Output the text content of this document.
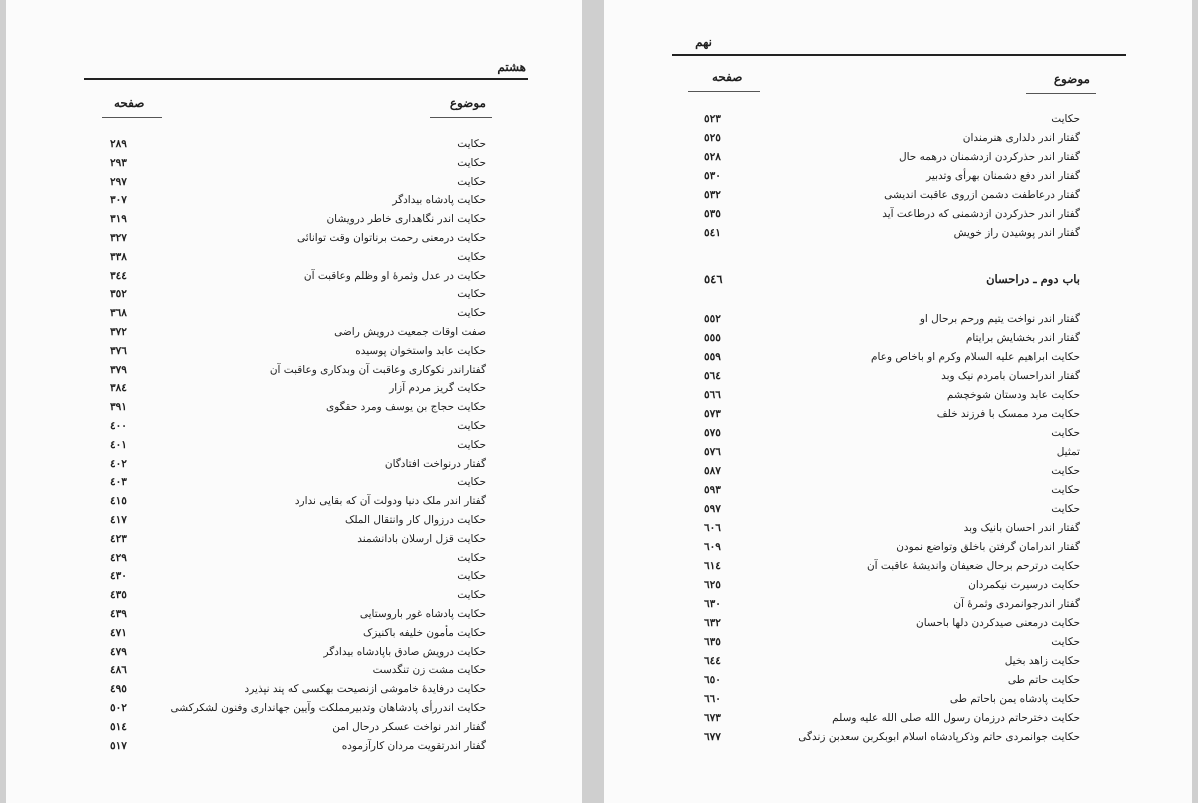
هشتم
موضوع
صفحه
حکایت
٢٨٩
حکایت
٢٩٣
حکایت
٢٩٧
حکایت پادشاه بیدادگر
٣٠٧
حکایت اندر نگاهداری خاطر درویشان
٣١٩
حکایت درمعنی رحمت برناتوان وقت توانائی
٣٢٧
حکایت
٣٣٨
حکایت در عدل وثمرهٔ او وظلم وعاقبت آن
٣٤٤
حکایت
٣٥٢
حکایت
٣٦٨
صفت اوقات جمعیت درویش راضی
٣٧٢
حکایت عابد واستخوان پوسیده
٣٧٦
گفتاراندر نکوکاری وعاقبت آن وبدکاری وعاقبت آن
٣٧٩
حکایت گریز مردم آزار
٣٨٤
حکایت حجاج بن یوسف ومرد حقگوی
٣٩١
حکایت
٤٠٠
حکایت
٤٠١
گفتار درنواخت افتادگان
٤٠٢
حکایت
٤٠٣
گفتار اندر ملک دنیا ودولت آن که بقایی ندارد
٤١٥
حکایت درزوال کار وانتقال الملک
٤١٧
حکایت قزل ارسلان بادانشمند
٤٢٣
حکایت
٤٢٩
حکایت
٤٣٠
حکایت
٤٣٥
حکایت پادشاه غور باروستایی
٤٣٩
حکایت مأمون خلیفه باکنیزک
٤٧١
حکایت درویش صادق باپادشاه بیدادگر
٤٧٩
حکایت مشت زن تنگدست
٤٨٦
حکایت درفایدهٔ خاموشی ازنصیحت بهکسی که پند نپذیرد
٤٩٥
حکایت اندررأی پادشاهان وتدبیرمملکت وآیین جهانداری وفنون لشکرکشی
٥٠٢
گفتار اندر نواخت عسکر درحال امن
٥١٤
گفتار اندرتقویت مردان کارآزموده
٥١٧
نهم
موضوع
صفحه
حکایت
٥٢٣
گفتار اندر دلداری هنرمندان
٥٢٥
گفتار اندر حذرکردن ازدشمنان درهمه حال
٥٢٨
گفتار اندر دفع دشمنان بهرأی وتدبیر
٥٣٠
گفتار درعاطفت دشمن ازروی عاقبت اندیشی
٥٣٢
گفتار اندر حذرکردن ازدشمنی که درطاعت آید
٥٣٥
گفتار اندر پوشیدن راز خویش
٥٤١
باب دوم ـ دراحسان
٥٤٦
گفتار اندر نواخت یتیم ورحم برحال او
٥٥٢
گفتار اندر بخشایش برایتام
٥٥٥
حکایت ابراهیم علیه السلام وکرم او باخاص وعام
٥٥٩
گفتار اندراحسان بامردم نیک وبد
٥٦٤
حکایت عابد ودستان شوخچشم
٥٦٦
حکایت مرد ممسک با فرزند خلف
٥٧٣
حکایت
٥٧٥
تمثیل
٥٧٦
حکایت
٥٨٧
حکایت
٥٩٣
حکایت
٥٩٧
گفتار اندر احسان بانیک وبد
٦٠٦
گفتار اندرامان گرفتن باخلق وتواضع نمودن
٦٠٩
حکایت درترحم برحال ضعیفان واندیشهٔ عاقبت آن
٦١٤
حکایت درسیرت نیکمردان
٦٢٥
گفتار اندرجوانمردی وثمرهٔ آن
٦٣٠
حکایت درمعنی صیدکردن دلها باحسان
٦٣٢
حکایت
٦٣٥
حکایت زاهد بخیل
٦٤٤
حکایت حاتم طی
٦٥٠
حکایت پادشاه یمن باحاتم طی
٦٦٠
حکایت دخترحاتم درزمان رسول الله صلی الله علیه وسلم
٦٧٣
حکایت جوانمردی حاتم وذکرپادشاه اسلام ابوبکربن سعدبن زندگی
٦٧٧
